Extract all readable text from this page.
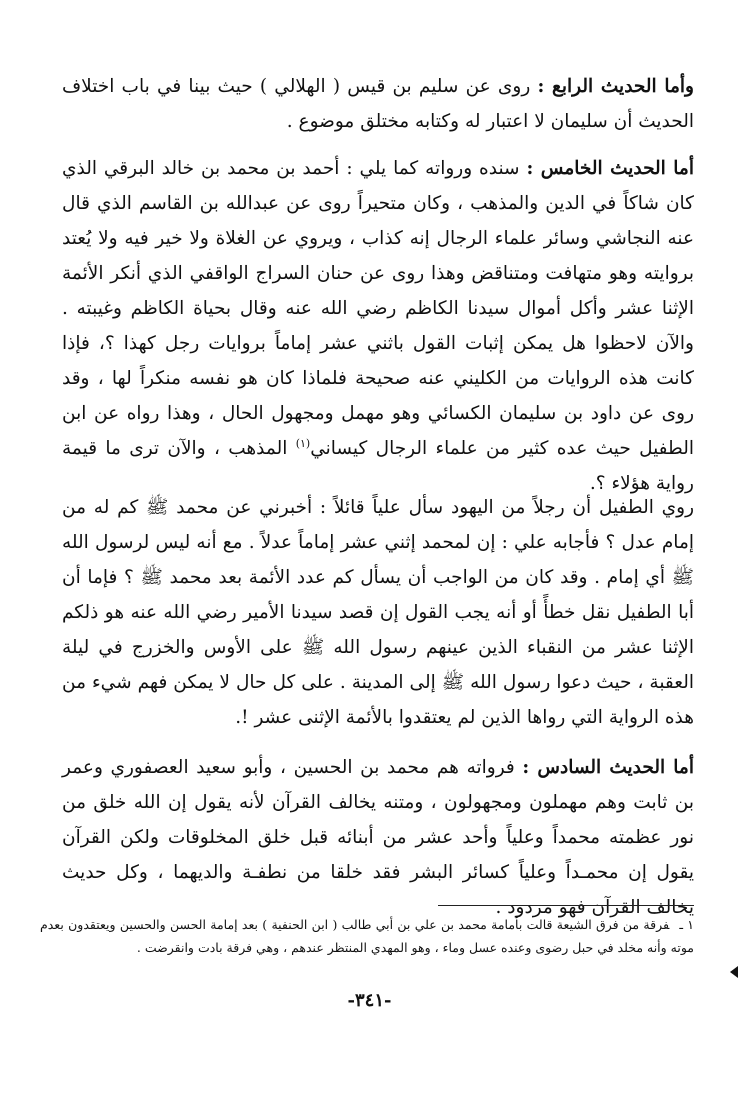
وأما الحديث الرابع : روى عن سليم بن قيس ( الهلالي ) حيث بينا في باب اختلاف الحديث أن سليمان لا اعتبار له وكتابه مختلق موضوع .

أما الحديث الخامس : سنده ورواته كما يلي : أحمد بن محمد بن خالد البرقي الذي كان شاكاً في الدين والمذهب ، وكان متحيراً روى عن عبدالله بن القاسم الذي قال عنه النجاشي وسائر علماء الرجال إنه كذاب ، ويروي عن الغلاة ولا خير فيه ولا يُعتد بروايته وهو متهافت ومتناقض وهذا روى عن حنان السراج الواقفي الذي أنكر الأئمة الإثنا عشر وأكل أموال سيدنا الكاظم رضي الله عنه وقال بحياة الكاظم وغيبته . والآن لاحظوا هل يمكن إثبات القول باثني عشر إماماً بروايات رجل كهذا ؟، فإذا كانت هذه الروايات من الكليني عنه صحيحة فلماذا كان هو نفسه منكراً لها ، وقد روى عن داود بن سليمان الكسائي وهو مهمل ومجهول الحال ، وهذا رواه عن ابن الطفيل حيث عده كثير من علماء الرجال كيساني$^{(١)}$ المذهب ، والآن ترى ما قيمة رواية هؤلاء ؟.

روي الطفيل أن رجلاً من اليهود سأل علياً قائلاً : أخبرني عن محمد ﷺ كم له من إمام عدل ؟ فأجابه علي : إن لمحمد إثني عشر إماماً عدلاً . مع أنه ليس لرسول الله ﷺ أي إمام . وقد كان من الواجب أن يسأل كم عدد الأئمة بعد محمد ﷺ ؟ فإما أن أبا الطفيل نقل خطأً أو أنه يجب القول إن قصد سيدنا الأمير رضي الله عنه هو ذلكم الإثنا عشر من النقباء الذين عينهم رسول الله ﷺ على الأوس والخزرج في ليلة العقبة ، حيث دعوا رسول الله ﷺ إلى المدينة . على كل حال لا يمكن فهم شيء من هذه الرواية التي رواها الذين لم يعتقدوا بالأئمة الإثنى عشر !.

أما الحديث السادس : فرواته هم محمد بن الحسين ، وأبو سعيد العصفوري وعمر بن ثابت وهم مهملون ومجهولون ، ومتنه يخالف القرآن لأنه يقول إن الله خلق من نور عظمته محمداً وعلياً وأحد عشر من أبنائه قبل خلق المخلوقات ولكن القرآن يقول إن محمـداً وعلياً كسائر البشر فقد خلقا من نطفـة والديهما ، وكل حديث يخالف القرآن فهو مردود .

١ ـفرقة من فرق الشيعة قالت بأمامة محمد بن علي بن أبي طالب ( ابن الحنفية ) بعد إمامة الحسن والحسين ويعتقدون بعدم موته وأنه مخلد في حبل رضوى وعنده عسل وماء ، وهو المهدي المنتظر عندهم ، وهي فرقة بادت وانقرضت .

-٣٤١-
